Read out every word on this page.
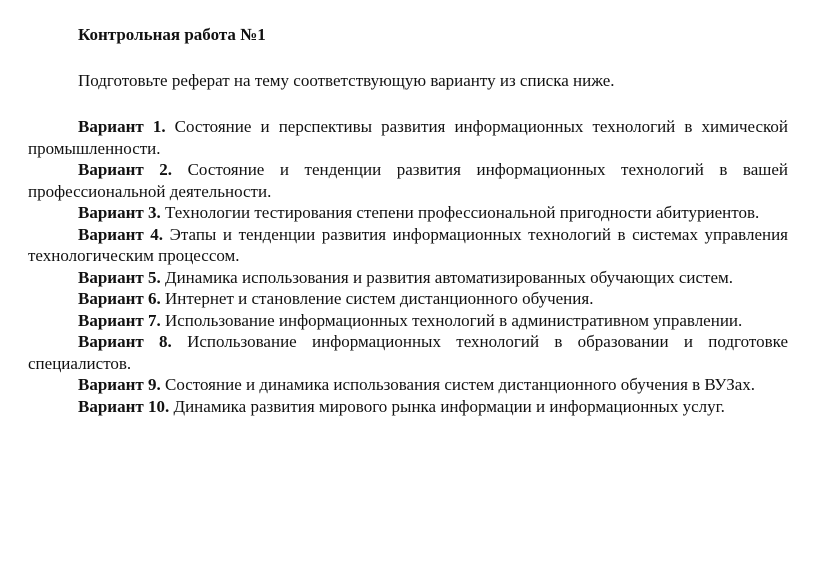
Контрольная работа №1

Подготовьте реферат на тему соответствующую варианту из списка ниже.

Вариант 1. Состояние и перспективы развития информационных технологий в химической промышленности.

Вариант 2. Состояние и тенденции развития информационных технологий в вашей профессиональной деятельности.

Вариант 3. Технологии тестирования степени профессиональной пригодности абитуриентов.

Вариант 4. Этапы и тенденции развития информационных технологий в системах управления технологическим процессом.

Вариант 5. Динамика использования и развития автоматизированных обучающих систем.

Вариант 6. Интернет и становление систем дистанционного обучения.

Вариант 7. Использование информационных технологий в административном управлении.

Вариант 8. Использование информационных технологий в образовании и подготовке специалистов.

Вариант 9. Состояние и динамика использования систем дистанционного обучения в ВУЗах.

Вариант 10. Динамика развития мирового рынка информации и информационных услуг.
